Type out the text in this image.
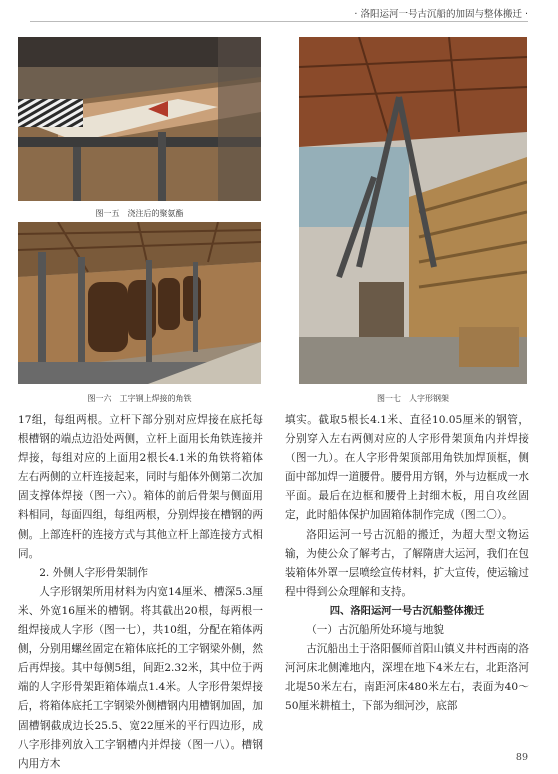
· 洛阳运河一号古沉船的加固与整体搬迁 ·
图一五　浇注后的聚氨酯
图一六　工字钢上焊接的角铁	图一七　人字形钢架

17组，每组两根。立杆下部分别对应焊接在底托每根槽钢的端点边沿处两侧，立杆上面用长角铁连接并焊接，每组对应的上面用2根长4.1米的角铁将箱体左右两侧的立杆连接起来，同时与船体外侧第二次加固支撑体焊接（图一六）。箱体的前后骨架与侧面用料相同，每面四组，每组两根，分别焊接在槽钢的两侧。上部连杆的连接方式与其他立杆上部连接方式相同。

2. 外侧人字形骨架制作

人字形钢架所用材料为内宽14厘米、槽深5.3厘米、外宽16厘米的槽钢。将其截出20根，每两根一组焊接成人字形（图一七），共10组，分配在箱体两侧，分别用螺丝固定在箱体底托的工字钢梁外侧，然后再焊接。其中每侧5组，间距2.32米，其中位于两端的人字形骨架距箱体端点1.4米。人字形骨架焊接后，将箱体底托工字钢梁外侧槽钢内用槽钢加固，加固槽钢截成边长25.5、宽22厘米的平行四边形，成八字形排列放入工字钢槽内并焊接（图一八）。槽钢内用方木

填实。截取5根长4.1米、直径10.05厘米的钢管，分别穿入左右两侧对应的人字形骨架顶角内并焊接（图一九）。在人字形骨架顶部用角铁加焊顶框，侧面中部加焊一道腰骨。腰骨用方钢，外与边框成一水平面。最后在边框和腰骨上封细木板，用自攻丝固定，此时船体保护加固箱体制作完成（图二〇）。

洛阳运河一号古沉船的搬迁，为超大型文物运输，为使公众了解考古，了解隋唐大运河，我们在包装箱体外罩一层喷绘宣传材料，扩大宣传，使运输过程中得到公众理解和支持。

四、洛阳运河一号古沉船整体搬迁

（一）古沉船所处环境与地貌

古沉船出土于洛阳偃师首阳山镇义井村西南的洛河河床北侧滩地内，深埋在地下4米左右，北距洛河北堤50米左右，南距河床480米左右，表面为40～50厘米耕植土，下部为细河沙，底部

89
